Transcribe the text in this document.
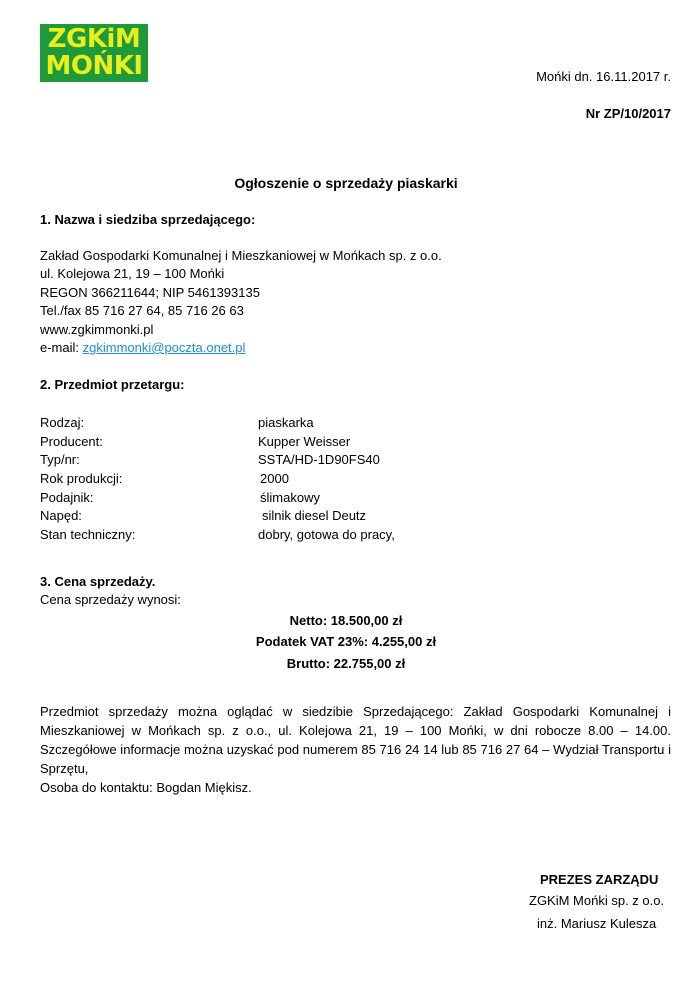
ZGKiM
MOŃKI	Mońki dn. 16.11.2017 r.
Nr ZP/10/2017
Ogłoszenie o sprzedaży piaskarki
1. Nazwa i siedziba sprzedającego:
Zakład Gospodarki Komunalnej i Mieszkaniowej w Mońkach sp. z o.o.
ul. Kolejowa 21, 19 – 100 Mońki
REGON 366211644; NIP 5461393135
Tel./fax 85 716 27 64, 85 716 26 63
www.zgkimmonki.pl
e-mail: zgkimmonki@poczta.onet.pl
2. Przedmiot przetargu:
Rodzaj:	piaskarka
Producent:	Kupper Weisser
Typ/nr:	SSTA/HD-1D90FS40
Rok produkcji:	2000
Podajnik:	ślimakowy
Napęd:	silnik diesel Deutz
Stan techniczny:	dobry, gotowa do pracy,
3. Cena sprzedaży.
Cena sprzedaży wynosi:
Netto: 18.500,00 zł
Podatek VAT 23%: 4.255,00 zł
Brutto: 22.755,00 zł

Przedmiot sprzedaży można oglądać w siedzibie Sprzedającego: Zakład Gospodarki Komunalnej i Mieszkaniowej w Mońkach sp. z o.o., ul. Kolejowa 21, 19 – 100 Mońki, w dni robocze 8.00 – 14.00. Szczegółowe informacje można uzyskać pod numerem 85 716 24 14 lub 85 716 27 64 – Wydział Transportu i Sprzętu,

Osoba do kontaktu: Bogdan Miękisz.

PREZES ZARZĄDU
ZGKiM Mońki sp. z o.o.
inż. Mariusz Kulesza
